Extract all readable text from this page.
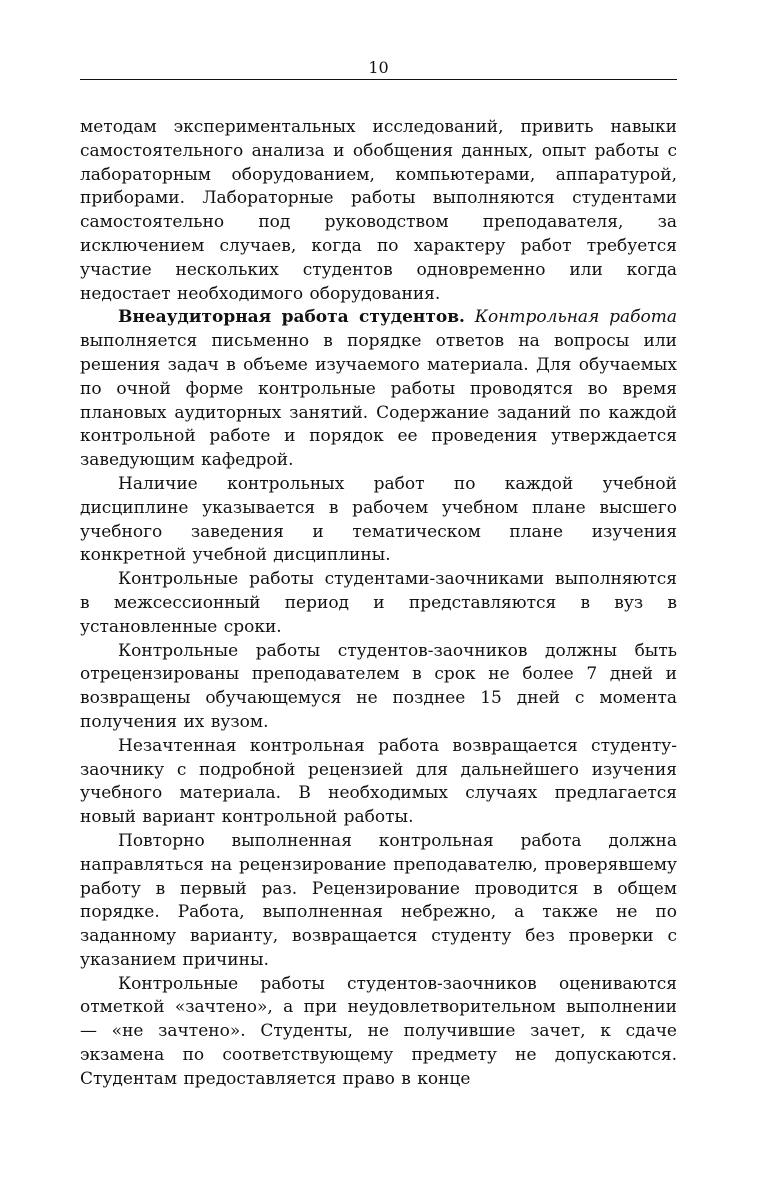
10

методам экспериментальных исследований, привить навыки самостоятельного анализа и обобщения данных, опыт работы с лабораторным оборудованием, компьютерами, аппаратурой, приборами. Лабораторные работы выполняются студентами самостоятельно под руководством преподавателя, за исключением случаев, когда по характеру работ требуется участие нескольких студентов одновременно или когда недостает необходимого оборудования.

Внеаудиторная работа студентов. Контрольная работа выполняется письменно в порядке ответов на вопросы или решения задач в объеме изучаемого материала. Для обучаемых по очной форме контрольные работы проводятся во время плановых аудиторных занятий. Содержание заданий по каждой контрольной работе и порядок ее проведения утверждается заведующим кафедрой.

Наличие контрольных работ по каждой учебной дисциплине указывается в рабочем учебном плане высшего учебного заведения и тематическом плане изучения конкретной учебной дисциплины.

Контрольные работы студентами-заочниками выполняются в межсессионный период и представляются в вуз в установленные сроки.

Контрольные работы студентов-заочников должны быть отрецензированы преподавателем в срок не более 7 дней и возвращены обучающемуся не позднее 15 дней с момента получения их вузом.

Незачтенная контрольная работа возвращается студенту-заочнику с подробной рецензией для дальнейшего изучения учебного материала. В необходимых случаях предлагается новый вариант контрольной работы.

Повторно выполненная контрольная работа должна направляться на рецензирование преподавателю, проверявшему работу в первый раз. Рецензирование проводится в общем порядке. Работа, выполненная небрежно, а также не по заданному варианту, возвращается студенту без проверки с указанием причины.

Контрольные работы студентов-заочников оцениваются отметкой «зачтено», а при неудовлетворительном выполнении — «не зачтено». Студенты, не получившие зачет, к сдаче экзамена по соответствующему предмету не допускаются. Студентам предоставляется право в конце
